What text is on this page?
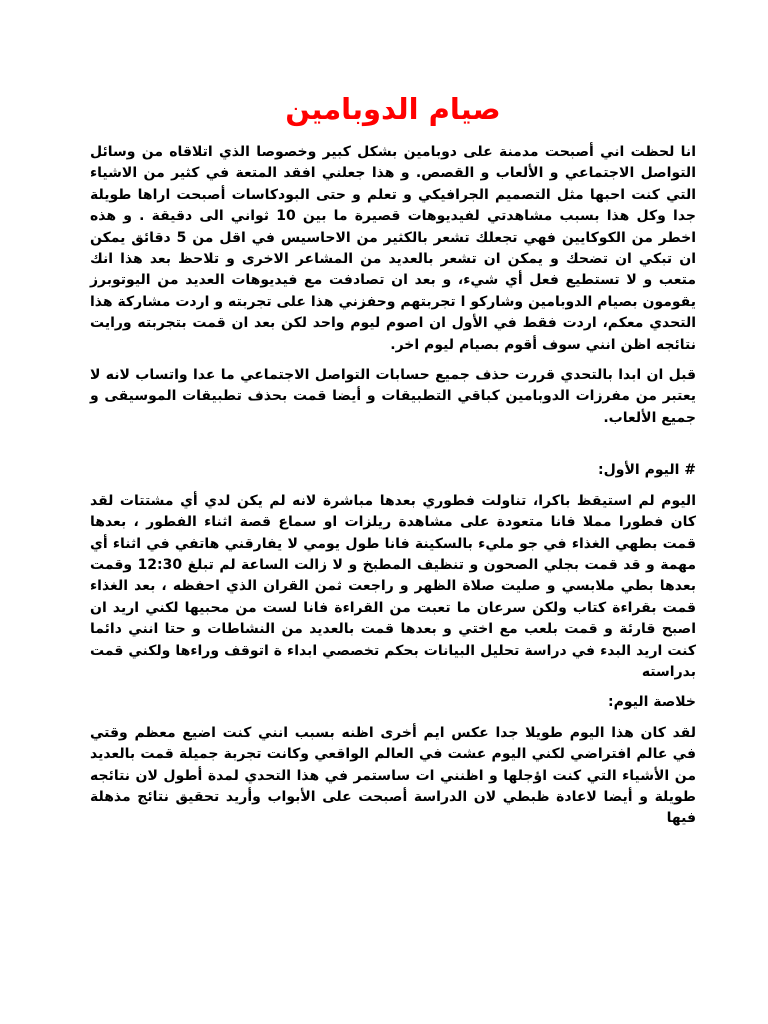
صيام الدوبامين

انا لحظت اني أصبحت مدمنة على دوبامين بشكل كبير وخصوصا الذي اتلاقاه من وسائل التواصل الاجتماعي و الألعاب و القصص. و هذا جعلني افقد المتعة في كثير من الاشياء التي كنت احبها مثل التصميم الجرافيكي و تعلم و حتى البودكاسات أصبحت اراها طويلة جدا وكل هذا بسبب مشاهدتي لفيديوهات قصيرة ما بين 10 ثواني الى دقيقة . و هذه اخطر من الكوكايين فهي تجعلك تشعر بالكثير من الاحاسيس في اقل من 5 دقائق يمكن ان تبكي ان تضحك و يمكن ان تشعر بالعديد من المشاعر الاخرى و تلاحظ بعد هذا انك متعب و لا تستطيع فعل أي شيء، و بعد ان تصادفت مع فيديوهات العديد من اليوتوبرز يقومون بصيام الدوبامين وشاركو ا تجربتهم وحفزني هذا على تجربته و اردت مشاركة هذا التحدي معكم، اردت فقط في الأول ان اصوم ليوم واحد لكن بعد ان قمت بتجربته ورايت نتائجه اظن انني سوف أقوم بصيام ليوم اخر.

قبل ان ابدا بالتحدي قررت حذف جميع حسابات التواصل الاجتماعي ما عدا واتساب لانه لا يعتبر من مفرزات الدوبامين كباقي التطبيقات و أيضا قمت بحذف تطبيقات الموسيقى و جميع الألعاب.

# اليوم الأول:

اليوم لم استيقظ باكرا، تناولت فطوري بعدها مباشرة لانه لم يكن لدي أي مشتتات لقد كان فطورا مملا فانا متعودة على مشاهدة ريلزات او سماع قصة اثناء الفطور ، بعدها قمت بطهي الغذاء في جو مليء بالسكينة فانا طول يومي لا يفارقني هاتفي في اثناء أي مهمة و قد قمت بجلي الصحون و تنظيف المطبخ و لا زالت الساعة لم تبلغ 12:30 وقمت بعدها بطي ملابسي و صليت صلاة الظهر و راجعت ثمن القران الذي احفظه ، بعد الغذاء قمت بقراءة كتاب ولكن سرعان ما تعبت من القراءة فانا لست من محبيها لكني اريد ان اصبح قارئة و قمت بلعب مع اختي و بعدها قمت بالعديد من النشاطات و حتا انني دائما كنت اريد البدء في دراسة تحليل البيانات بحكم تخصصي ابداء ة اتوقف وراءها ولكني قمت بدراسته

خلاصة اليوم:

لقد كان هذا اليوم طويلا جدا عكس ايم أخرى اظنه بسبب انني كنت اضيع معظم وقتي في عالم افتراضي لكني اليوم عشت في العالم الواقعي وكانت تجربة جميلة قمت بالعديد من الأشياء التي كنت اؤجلها و اظنني ات ساستمر في هذا التحدي لمدة أطول لان نتائجه طويلة و أيضا لاعادة ظبطي لان الدراسة أصبحت على الأبواب وأريد تحقيق نتائج مذهلة فيها
